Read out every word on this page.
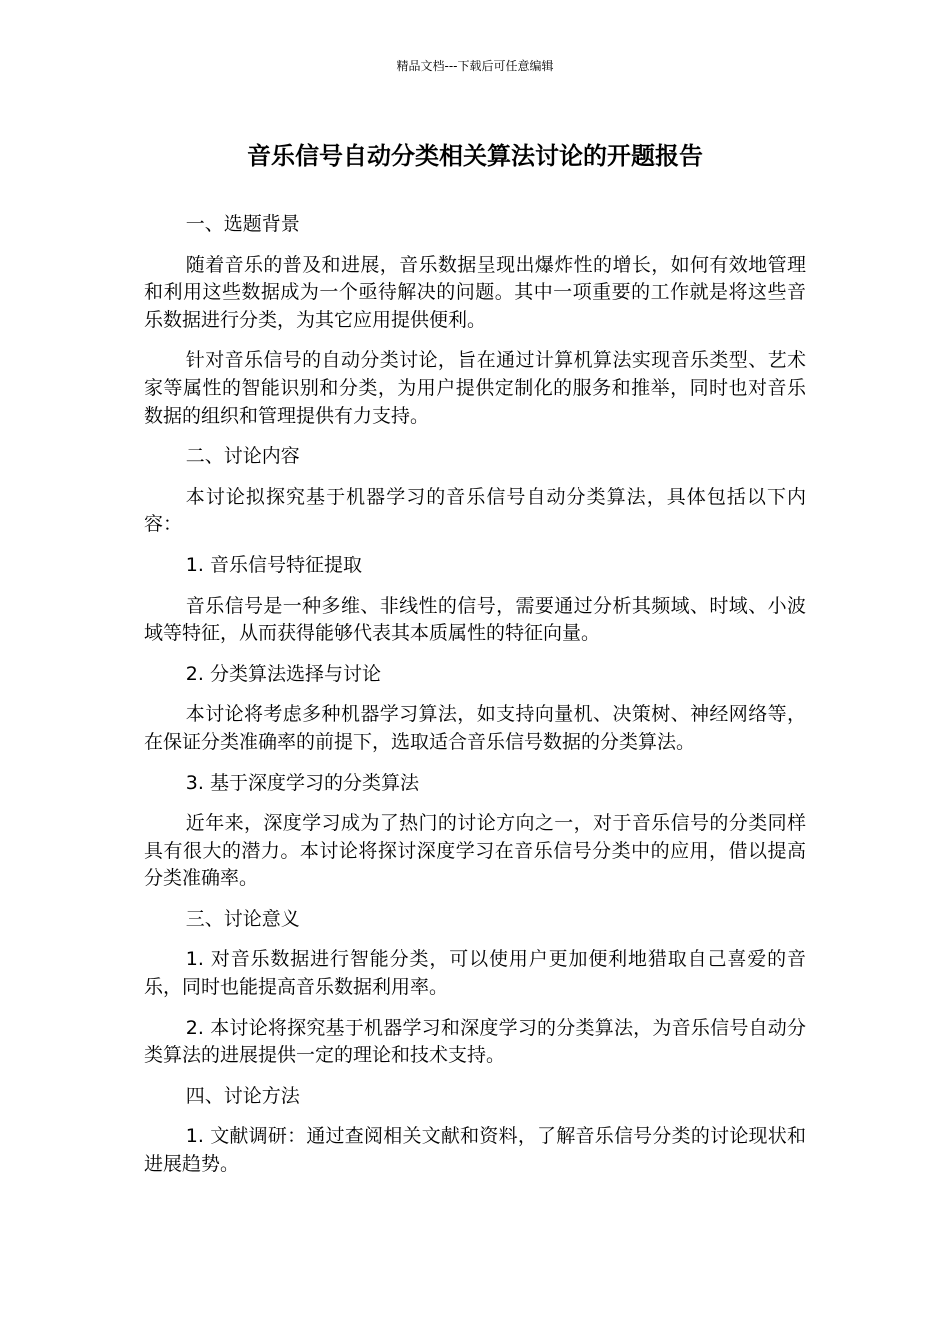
精品文档---下载后可任意编辑
音乐信号自动分类相关算法讨论的开题报告

一、选题背景

随着音乐的普及和进展，音乐数据呈现出爆炸性的增长，如何有效地管理和利用这些数据成为一个亟待解决的问题。其中一项重要的工作就是将这些音乐数据进行分类，为其它应用提供便利。

针对音乐信号的自动分类讨论，旨在通过计算机算法实现音乐类型、艺术家等属性的智能识别和分类，为用户提供定制化的服务和推举，同时也对音乐数据的组织和管理提供有力支持。

二、讨论内容

本讨论拟探究基于机器学习的音乐信号自动分类算法，具体包括以下内容：

1. 音乐信号特征提取

音乐信号是一种多维、非线性的信号，需要通过分析其频域、时域、小波域等特征，从而获得能够代表其本质属性的特征向量。

2. 分类算法选择与讨论

本讨论将考虑多种机器学习算法，如支持向量机、决策树、神经网络等，在保证分类准确率的前提下，选取适合音乐信号数据的分类算法。

3. 基于深度学习的分类算法

近年来，深度学习成为了热门的讨论方向之一，对于音乐信号的分类同样具有很大的潜力。本讨论将探讨深度学习在音乐信号分类中的应用，借以提高分类准确率。

三、讨论意义

1. 对音乐数据进行智能分类，可以使用户更加便利地猎取自己喜爱的音乐，同时也能提高音乐数据利用率。

2. 本讨论将探究基于机器学习和深度学习的分类算法，为音乐信号自动分类算法的进展提供一定的理论和技术支持。

四、讨论方法

1. 文献调研：通过查阅相关文献和资料，了解音乐信号分类的讨论现状和进展趋势。
